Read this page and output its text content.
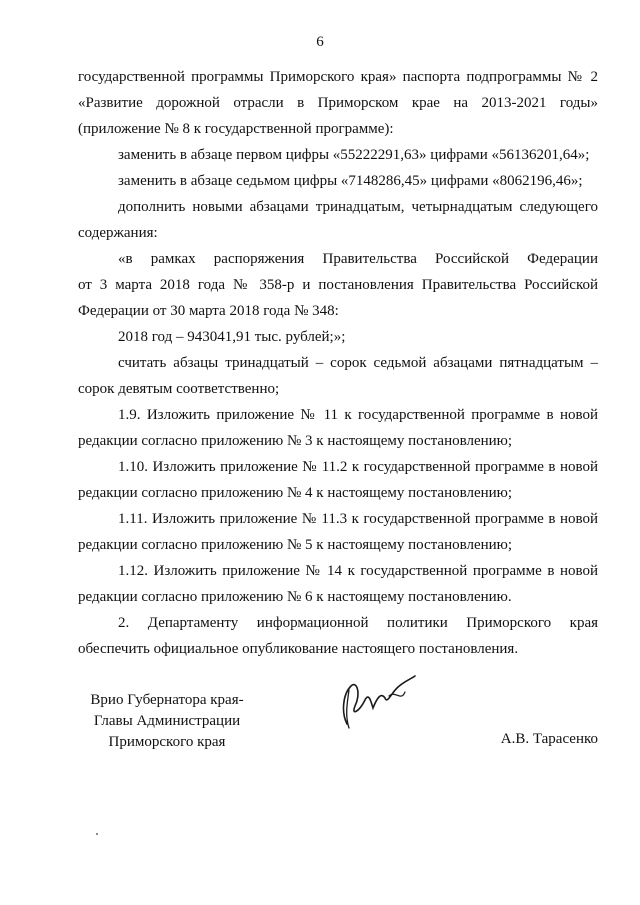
6

государственной программы Приморского края» паспорта подпрограммы № 2

«Развитие дорожной отрасли в Приморском крае на 2013-2021 годы»

(приложение № 8 к государственной программе):

заменить в абзаце первом цифры «55222291,63» цифрами «56136201,64»;

заменить в абзаце седьмом цифры «7148286,45» цифрами «8062196,46»;

дополнить новыми абзацами тринадцатым, четырнадцатым следующего

содержания:

«в рамках распоряжения Правительства Российской Федерации

от 3 марта 2018 года № 358-р и постановления Правительства Российской

Федерации от 30 марта 2018 года № 348:

2018 год – 943041,91 тыс. рублей;»;

считать абзацы тринадцатый – сорок седьмой абзацами пятнадцатым –

сорок девятым соответственно;

1.9. Изложить приложение № 11 к государственной программе в новой

редакции согласно приложению № 3 к настоящему постановлению;

1.10. Изложить приложение № 11.2 к государственной программе в новой

редакции согласно приложению № 4 к настоящему постановлению;

1.11. Изложить приложение № 11.3 к государственной программе в новой

редакции согласно приложению № 5 к настоящему постановлению;

1.12. Изложить приложение № 14 к государственной программе в новой

редакции согласно приложению № 6 к настоящему постановлению.

2. Департаменту информационной политики Приморского края

обеспечить официальное опубликование настоящего постановления.

Врио Губернатора края-
Главы Администрации
Приморского края	А.В. Тарасенко
